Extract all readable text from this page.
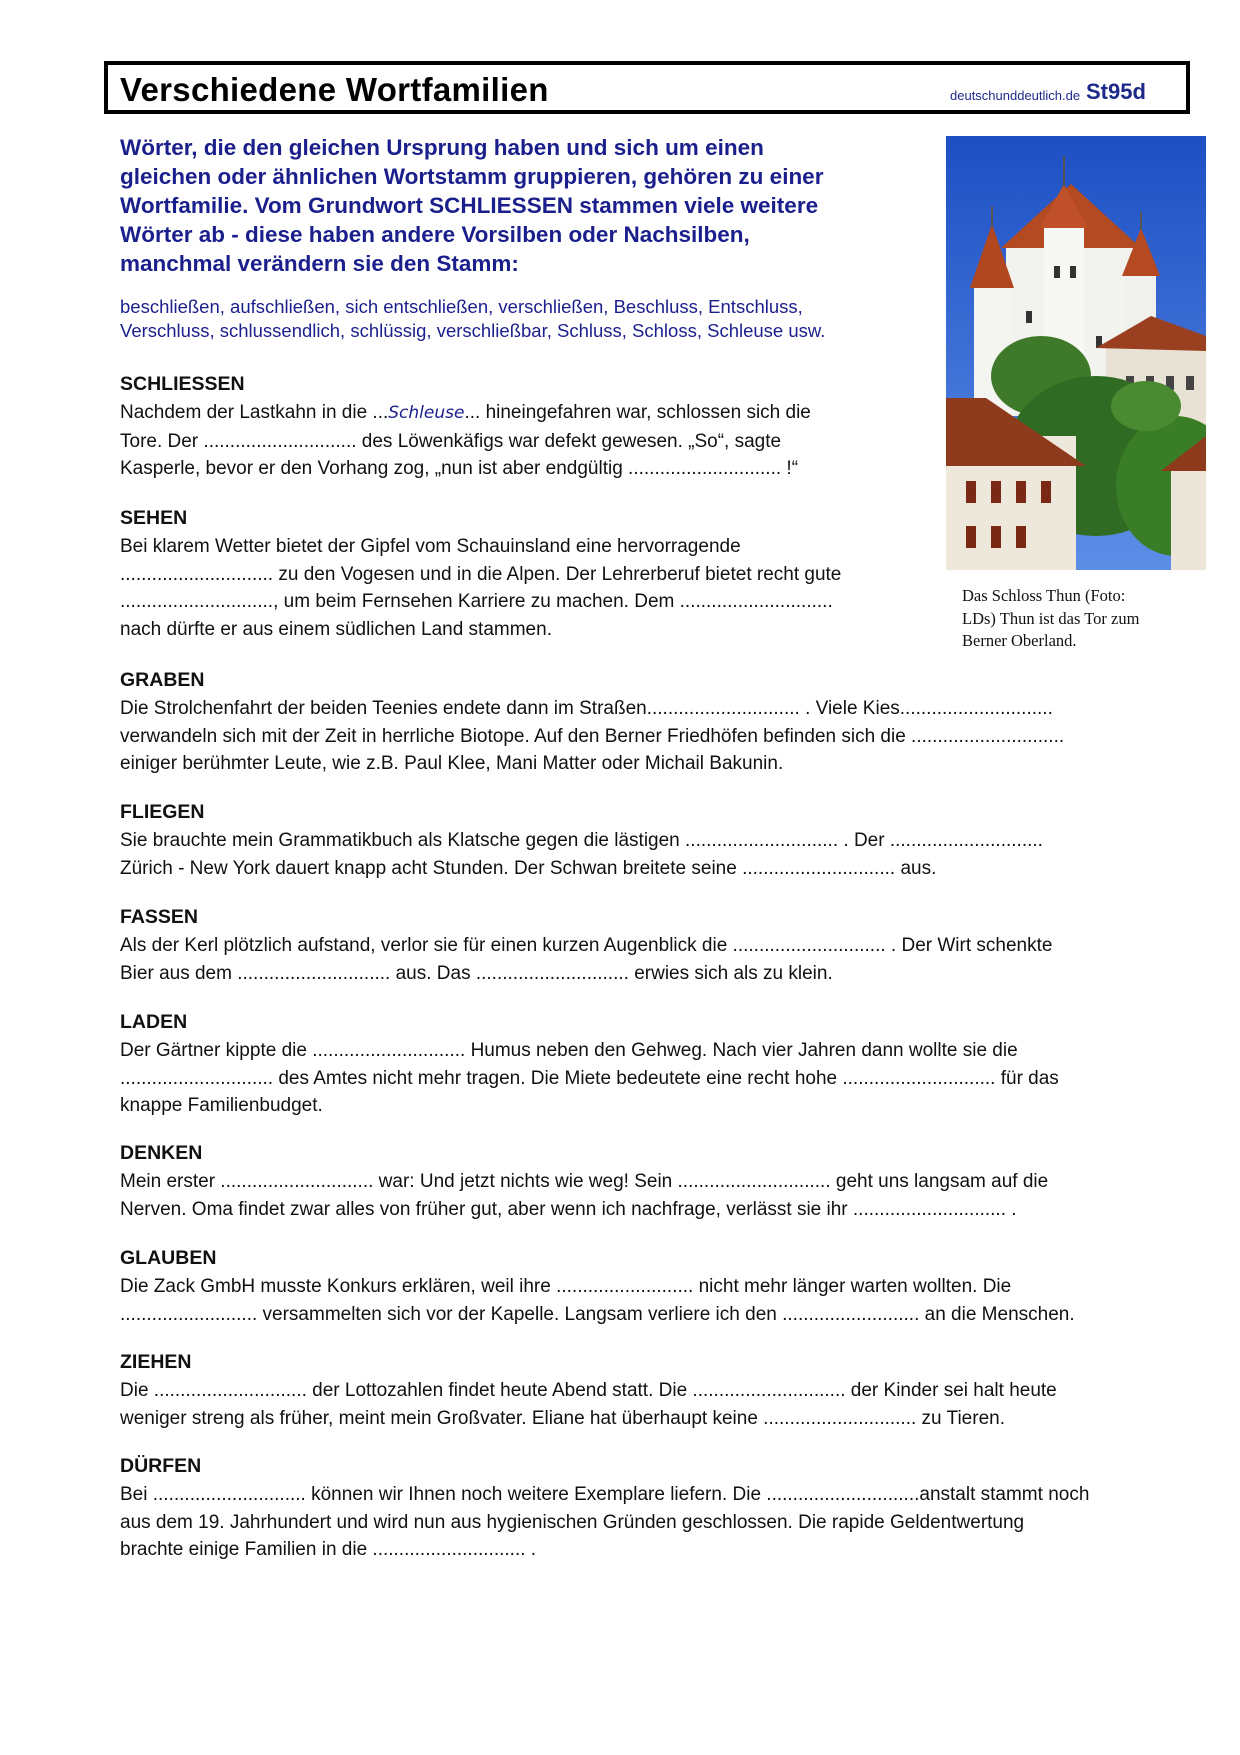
Verschiedene Wortfamilien	deutschunddeutlich.de St95d
Wörter, die den gleichen Ursprung haben und sich um einen
gleichen oder ähnlichen Wortstamm gruppieren, gehören zu einer
Wortfamilie. Vom Grundwort SCHLIESSEN stammen viele weitere
Wörter ab - diese haben andere Vorsilben oder Nachsilben,
manchmal verändern sie den Stamm:
beschließen, aufschließen, sich entschließen, verschließen, Beschluss, Entschluss,
Verschluss, schlussendlich, schlüssig, verschließbar, Schluss, Schloss, Schleuse usw.
Das Schloss Thun (Foto:
LDs) Thun ist das Tor zum
Berner Oberland.
SCHLIESSEN
Nachdem der Lastkahn in die ...Schleuse... hineingefahren war, schlossen sich die
Tore. Der ............................. des Löwenkäfigs war defekt gewesen. „So“, sagte
Kasperle, bevor er den Vorhang zog, „nun ist aber endgültig ............................. !“
SEHEN
Bei klarem Wetter bietet der Gipfel vom Schauinsland eine hervorragende
............................. zu den Vogesen und in die Alpen. Der Lehrerberuf bietet recht gute
............................., um beim Fernsehen Karriere zu machen. Dem .............................
nach dürfte er aus einem südlichen Land stammen.
GRABEN
Die Strolchenfahrt der beiden Teenies endete dann im Straßen............................. . Viele Kies.............................
verwandeln sich mit der Zeit in herrliche Biotope. Auf den Berner Friedhöfen befinden sich die .............................
einiger berühmter Leute, wie z.B. Paul Klee, Mani Matter oder Michail Bakunin.
FLIEGEN
Sie brauchte mein Grammatikbuch als Klatsche gegen die lästigen ............................. . Der .............................
Zürich - New York dauert knapp acht Stunden. Der Schwan breitete seine ............................. aus.
FASSEN
Als der Kerl plötzlich aufstand, verlor sie für einen kurzen Augenblick die ............................. . Der Wirt schenkte
Bier aus dem ............................. aus. Das ............................. erwies sich als zu klein.
LADEN
Der Gärtner kippte die ............................. Humus neben den Gehweg. Nach vier Jahren dann wollte sie die
............................. des Amtes nicht mehr tragen. Die Miete bedeutete eine recht hohe ............................. für das
knappe Familienbudget.
DENKEN
Mein erster ............................. war: Und jetzt nichts wie weg! Sein ............................. geht uns langsam auf die
Nerven. Oma findet zwar alles von früher gut, aber wenn ich nachfrage, verlässt sie ihr ............................. .
GLAUBEN
Die Zack GmbH musste Konkurs erklären, weil ihre .......................... nicht mehr länger warten wollten. Die
.......................... versammelten sich vor der Kapelle. Langsam verliere ich den .......................... an die Menschen.
ZIEHEN
Die ............................. der Lottozahlen findet heute Abend statt. Die ............................. der Kinder sei halt heute
weniger streng als früher, meint mein Großvater. Eliane hat überhaupt keine ............................. zu Tieren.
DÜRFEN
Bei ............................. können wir Ihnen noch weitere Exemplare liefern. Die .............................anstalt stammt noch
aus dem 19. Jahrhundert und wird nun aus hygienischen Gründen geschlossen. Die rapide Geldentwertung
brachte einige Familien in die ............................. .
